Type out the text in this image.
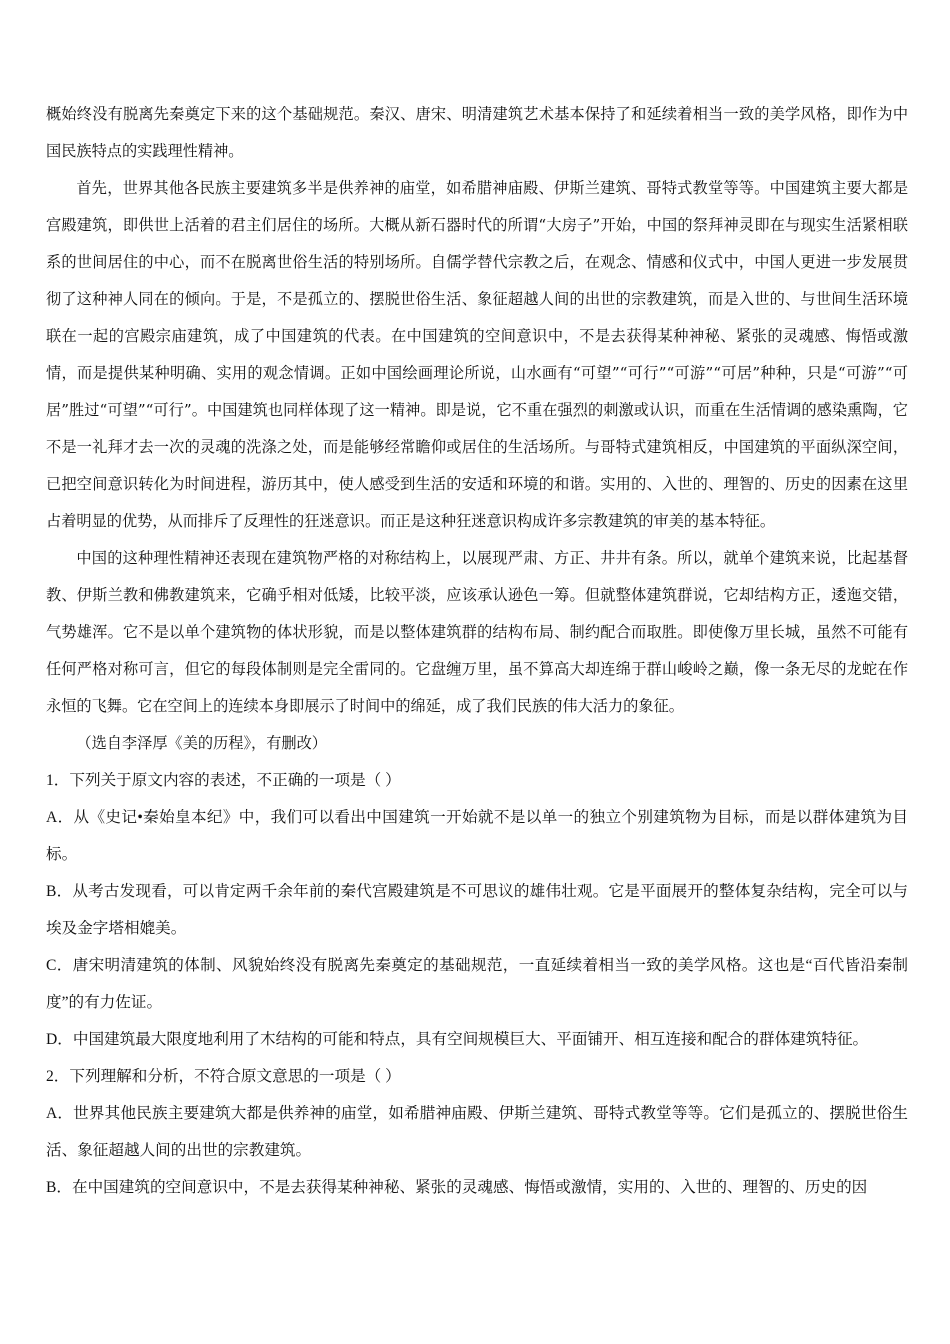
概始终没有脱离先秦奠定下来的这个基础规范。秦汉、唐宋、明清建筑艺术基本保持了和延续着相当一致的美学风格，即作为中国民族特点的实践理性精神。

首先，世界其他各民族主要建筑多半是供养神的庙堂，如希腊神庙殿、伊斯兰建筑、哥特式教堂等等。中国建筑主要大都是宫殿建筑，即供世上活着的君主们居住的场所。大概从新石器时代的所谓“大房子”开始，中国的祭拜神灵即在与现实生活紧相联系的世间居住的中心，而不在脱离世俗生活的特别场所。自儒学替代宗教之后，在观念、情感和仪式中，中国人更进一步发展贯彻了这种神人同在的倾向。于是，不是孤立的、摆脱世俗生活、象征超越人间的出世的宗教建筑，而是入世的、与世间生活环境联在一起的宫殿宗庙建筑，成了中国建筑的代表。在中国建筑的空间意识中，不是去获得某种神秘、紧张的灵魂感、悔悟或激情，而是提供某种明确、实用的观念情调。正如中国绘画理论所说，山水画有“可望”“可行”“可游”“可居”种种，只是“可游”“可居”胜过“可望”“可行”。中国建筑也同样体现了这一精神。即是说，它不重在强烈的刺激或认识，而重在生活情调的感染熏陶，它不是一礼拜才去一次的灵魂的洗涤之处，而是能够经常瞻仰或居住的生活场所。与哥特式建筑相反，中国建筑的平面纵深空间，已把空间意识转化为时间进程，游历其中，使人感受到生活的安适和环境的和谐。实用的、入世的、理智的、历史的因素在这里占着明显的优势，从而排斥了反理性的狂迷意识。而正是这种狂迷意识构成许多宗教建筑的审美的基本特征。

中国的这种理性精神还表现在建筑物严格的对称结构上，以展现严肃、方正、井井有条。所以，就单个建筑来说，比起基督教、伊斯兰教和佛教建筑来，它确乎相对低矮，比较平淡，应该承认逊色一筹。但就整体建筑群说，它却结构方正，逶迤交错，气势雄浑。它不是以单个建筑物的体状形貌，而是以整体建筑群的结构布局、制约配合而取胜。即使像万里长城，虽然不可能有任何严格对称可言，但它的每段体制则是完全雷同的。它盘缠万里，虽不算高大却连绵于群山峻岭之巅，像一条无尽的龙蛇在作永恒的飞舞。它在空间上的连续本身即展示了时间中的绵延，成了我们民族的伟大活力的象征。

（选自李泽厚《美的历程》，有删改）

1．下列关于原文内容的表述，不正确的一项是（ ）

A．从《史记•秦始皇本纪》中，我们可以看出中国建筑一开始就不是以单一的独立个别建筑物为目标，而是以群体建筑为目标。

B．从考古发现看，可以肯定两千余年前的秦代宫殿建筑是不可思议的雄伟壮观。它是平面展开的整体复杂结构，完全可以与埃及金字塔相媲美。

C．唐宋明清建筑的体制、风貌始终没有脱离先秦奠定的基础规范，一直延续着相当一致的美学风格。这也是“百代皆沿秦制度”的有力佐证。

D．中国建筑最大限度地利用了木结构的可能和特点，具有空间规模巨大、平面铺开、相互连接和配合的群体建筑特征。

2．下列理解和分析，不符合原文意思的一项是（ ）

A．世界其他民族主要建筑大都是供养神的庙堂，如希腊神庙殿、伊斯兰建筑、哥特式教堂等等。它们是孤立的、摆脱世俗生活、象征超越人间的出世的宗教建筑。

B．在中国建筑的空间意识中，不是去获得某种神秘、紧张的灵魂感、悔悟或激情，实用的、入世的、理智的、历史的因
